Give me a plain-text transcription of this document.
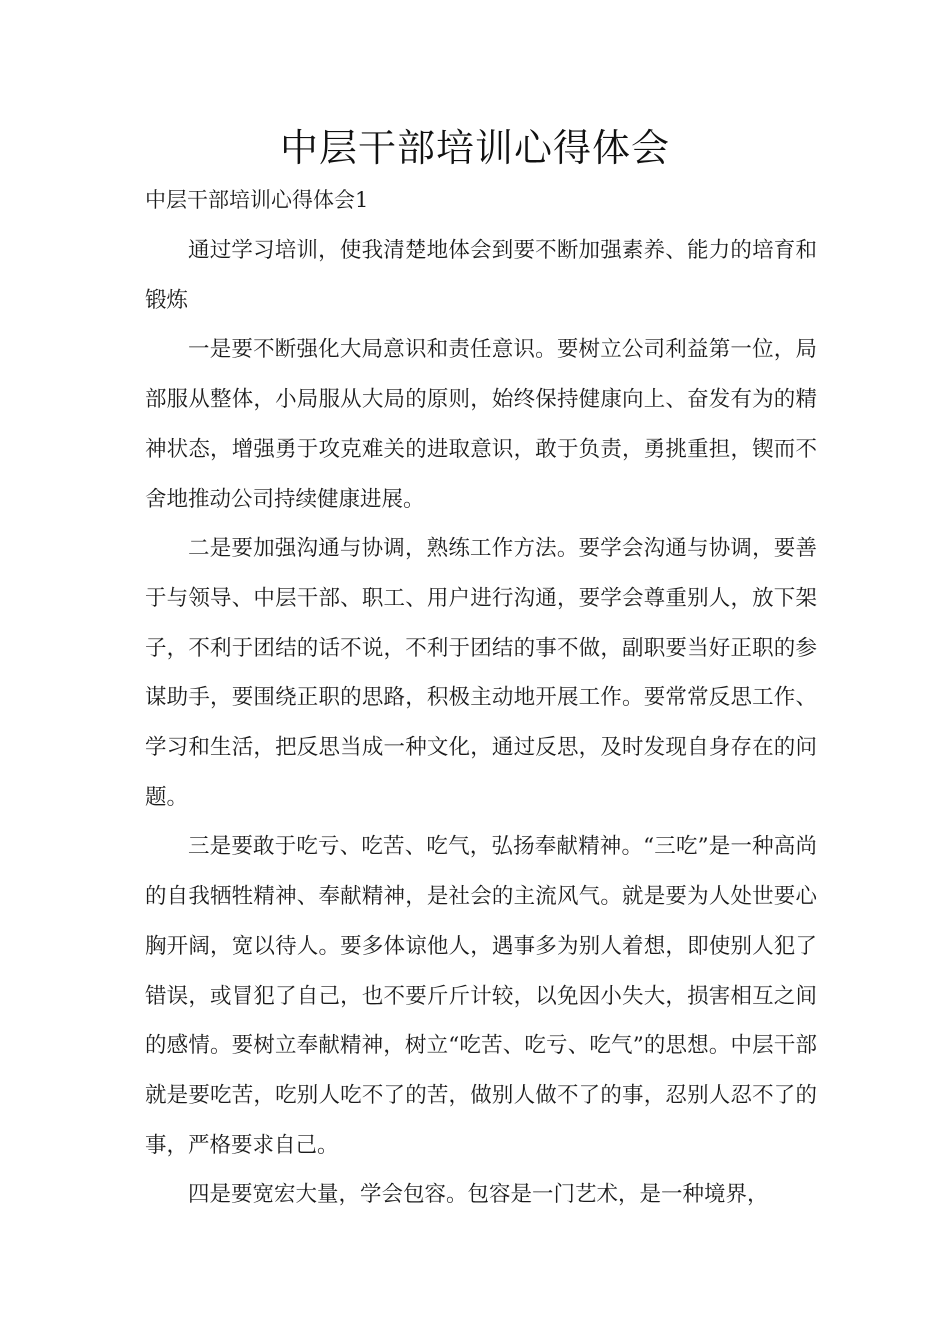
中层干部培训心得体会

中层干部培训心得体会1

通过学习培训，使我清楚地体会到要不断加强素养、能力的培育和锻炼

一是要不断强化大局意识和责任意识。要树立公司利益第一位，局部服从整体，小局服从大局的原则，始终保持健康向上、奋发有为的精神状态，增强勇于攻克难关的进取意识，敢于负责，勇挑重担，锲而不舍地推动公司持续健康进展。

二是要加强沟通与协调，熟练工作方法。要学会沟通与协调，要善于与领导、中层干部、职工、用户进行沟通，要学会尊重别人，放下架子，不利于团结的话不说，不利于团结的事不做，副职要当好正职的参谋助手，要围绕正职的思路，积极主动地开展工作。要常常反思工作、学习和生活，把反思当成一种文化，通过反思，及时发现自身存在的问题。

三是要敢于吃亏、吃苦、吃气，弘扬奉献精神。“三吃”是一种高尚的自我牺牲精神、奉献精神，是社会的主流风气。就是要为人处世要心胸开阔，宽以待人。要多体谅他人，遇事多为别人着想，即使别人犯了错误，或冒犯了自己，也不要斤斤计较，以免因小失大，损害相互之间的感情。要树立奉献精神，树立“吃苦、吃亏、吃气”的思想。中层干部就是要吃苦，吃别人吃不了的苦，做别人做不了的事，忍别人忍不了的事，严格要求自己。

四是要宽宏大量，学会包容。包容是一门艺术，是一种境界，
